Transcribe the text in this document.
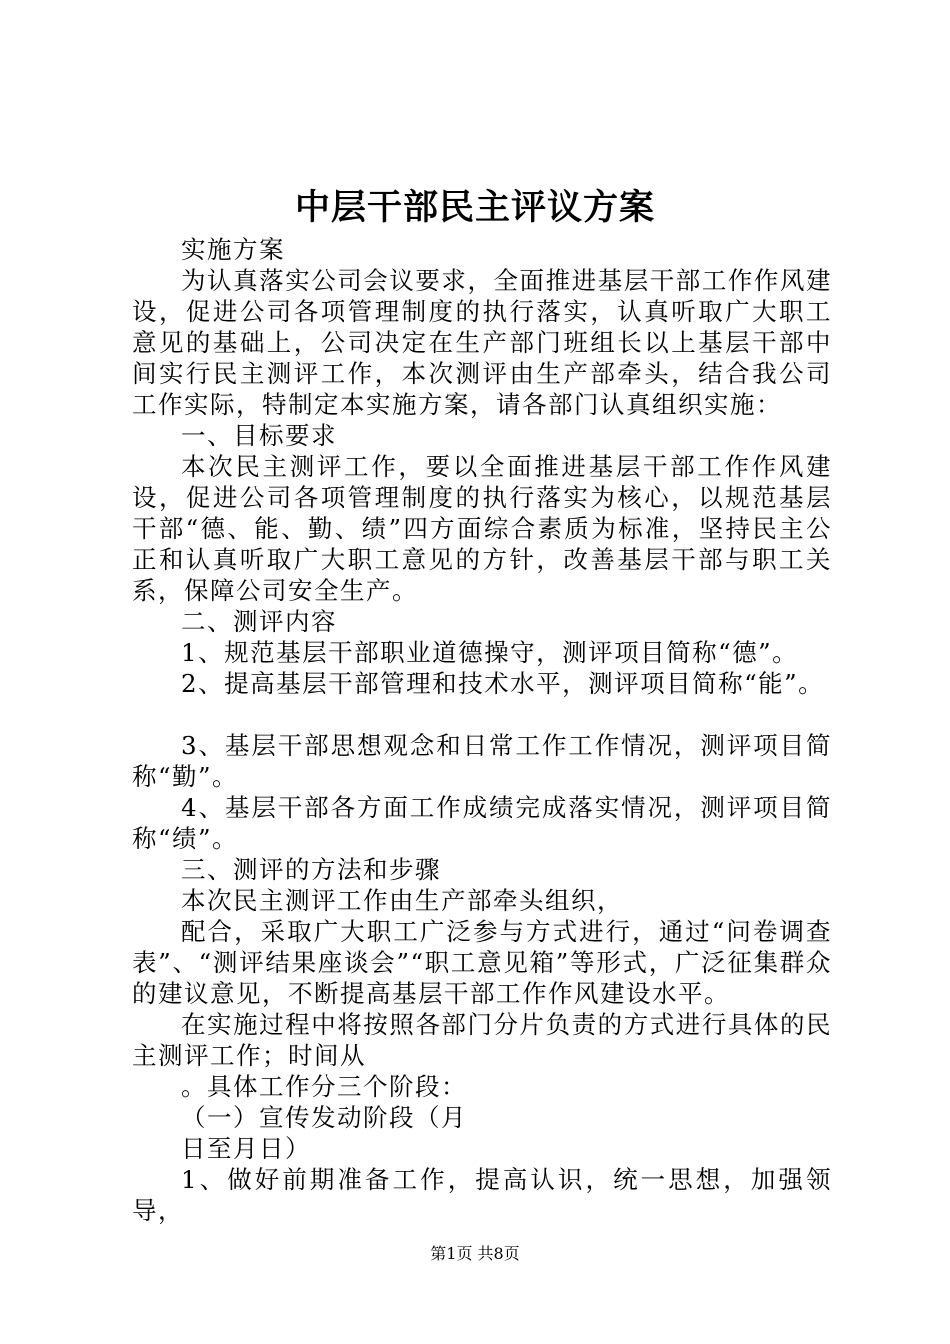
中层干部民主评议方案

实施方案

为认真落实公司会议要求，全面推进基层干部工作作风建设，促进公司各项管理制度的执行落实，认真听取广大职工意见的基础上，公司决定在生产部门班组长以上基层干部中间实行民主测评工作，本次测评由生产部牵头，结合我公司工作实际，特制定本实施方案，请各部门认真组织实施：

一、目标要求

本次民主测评工作，要以全面推进基层干部工作作风建设，促进公司各项管理制度的执行落实为核心，以规范基层干部“德、能、勤、绩”四方面综合素质为标准，坚持民主公正和认真听取广大职工意见的方针，改善基层干部与职工关系，保障公司安全生产。

二、测评内容

1、规范基层干部职业道德操守，测评项目简称“德”。

2、提高基层干部管理和技术水平，测评项目简称“能”。

3、基层干部思想观念和日常工作工作情况，测评项目简称“勤”。

4、基层干部各方面工作成绩完成落实情况，测评项目简称“绩”。

三、测评的方法和步骤

本次民主测评工作由生产部牵头组织，

配合，采取广大职工广泛参与方式进行，通过“问卷调查表”、“测评结果座谈会”“职工意见箱”等形式，广泛征集群众的建议意见，不断提高基层干部工作作风建设水平。

在实施过程中将按照各部门分片负责的方式进行具体的民主测评工作；时间从

。具体工作分三个阶段：

（一）宣传发动阶段（月

日至月日）

1、做好前期准备工作，提高认识，统一思想，加强领导，

第1页 共8页
